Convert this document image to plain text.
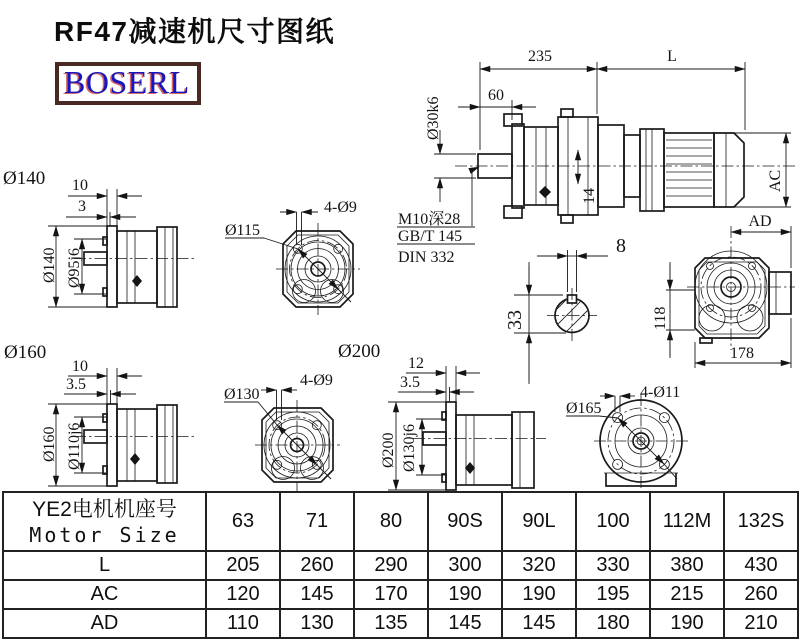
RF47减速机尺寸图纸
BOSERL
235	L
60
Ø30k6
14
AC
M10深28
GB/T 145
DIN 332
Ø140 10
3
Ø140 Ø95j6
Ø115
4-Ø9
8
33
AD
118
178
Ø160
10
3.5
Ø160 Ø110j6
Ø130
4-Ø9
Ø200
12
3.5
Ø200 Ø130j6
Ø165
4-Ø11
YE2电机机座号
Motor Size	63	71	80	90S	90L	100	112M	132S
L	205	260	290	300	320	330	380	430
AC	120	145	170	190	190	195	215	260
AD	110	130	135	145	145	180	190	210
